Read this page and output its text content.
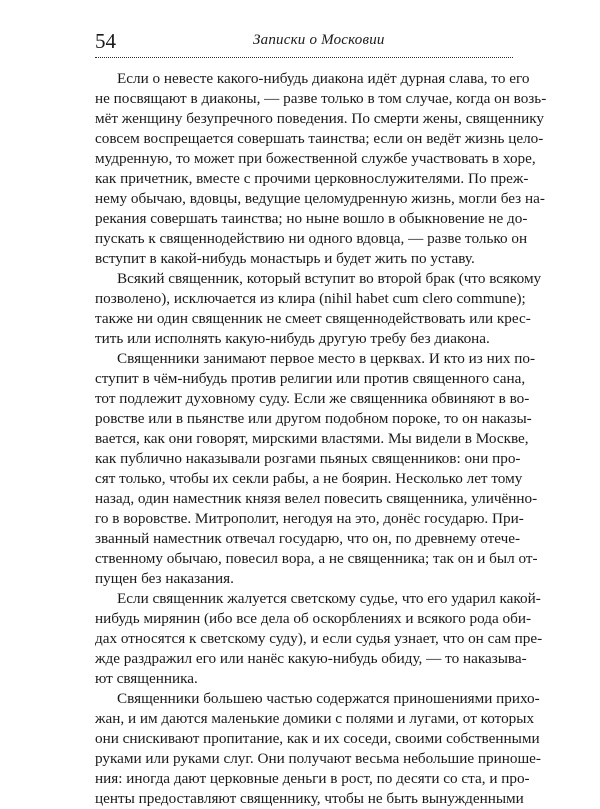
54	Записки о Московии
Если о невесте какого-нибудь диакона идёт дурная слава, то его
не посвящают в диаконы, — разве только в том случае, когда он возь-
мёт женщину безупречного поведения. По смерти жены, священнику
совсем воспрещается совершать таинства; если он ведёт жизнь цело-
мудренную, то может при божественной службе участвовать в хоре,
как причетник, вместе с прочими церковнослужителями. По преж-
нему обычаю, вдовцы, ведущие целомудренную жизнь, могли без на-
рекания совершать таинства; но ныне вошло в обыкновение не до-
пускать к священнодействию ни одного вдовца, — разве только он
вступит в какой-нибудь монастырь и будет жить по уставу.
Всякий священник, который вступит во второй брак (что всякому
позволено), исключается из клира (nihil habet cum clero commune);
также ни один священник не смеет священнодействовать или крес-
тить или исполнять какую-нибудь другую требу без диакона.
Священники занимают первое место в церквах. И кто из них по-
ступит в чём-нибудь против религии или против священного сана,
тот подлежит духовному суду. Если же священника обвиняют в во-
ровстве или в пьянстве или другом подобном пороке, то он наказы-
вается, как они говорят, мирскими властями. Мы видели в Москве,
как публично наказывали розгами пьяных священников: они про-
сят только, чтобы их секли рабы, а не боярин. Несколько лет тому
назад, один наместник князя велел повесить священника, уличённо-
го в воровстве. Митрополит, негодуя на это, донёс государю. При-
званный наместник отвечал государю, что он, по древнему отече-
ственному обычаю, повесил вора, а не священника; так он и был от-
пущен без наказания.
Если священник жалуется светскому судье, что его ударил какой-
нибудь мирянин (ибо все дела об оскорблениях и всякого рода оби-
дах относятся к светскому суду), и если судья узнает, что он сам пре-
жде раздражил его или нанёс какую-нибудь обиду, — то наказыва-
ют священника.
Священники большею частью содержатся приношениями прихо-
жан, и им даются маленькие домики с полями и лугами, от которых
они снискивают пропитание, как и их соседи, своими собственными
руками или руками слуг. Они получают весьма небольшие приноше-
ния: иногда дают церковные деньги в рост, по десяти со ста, и про-
центы предоставляют священнику, чтобы не быть вынужденными
